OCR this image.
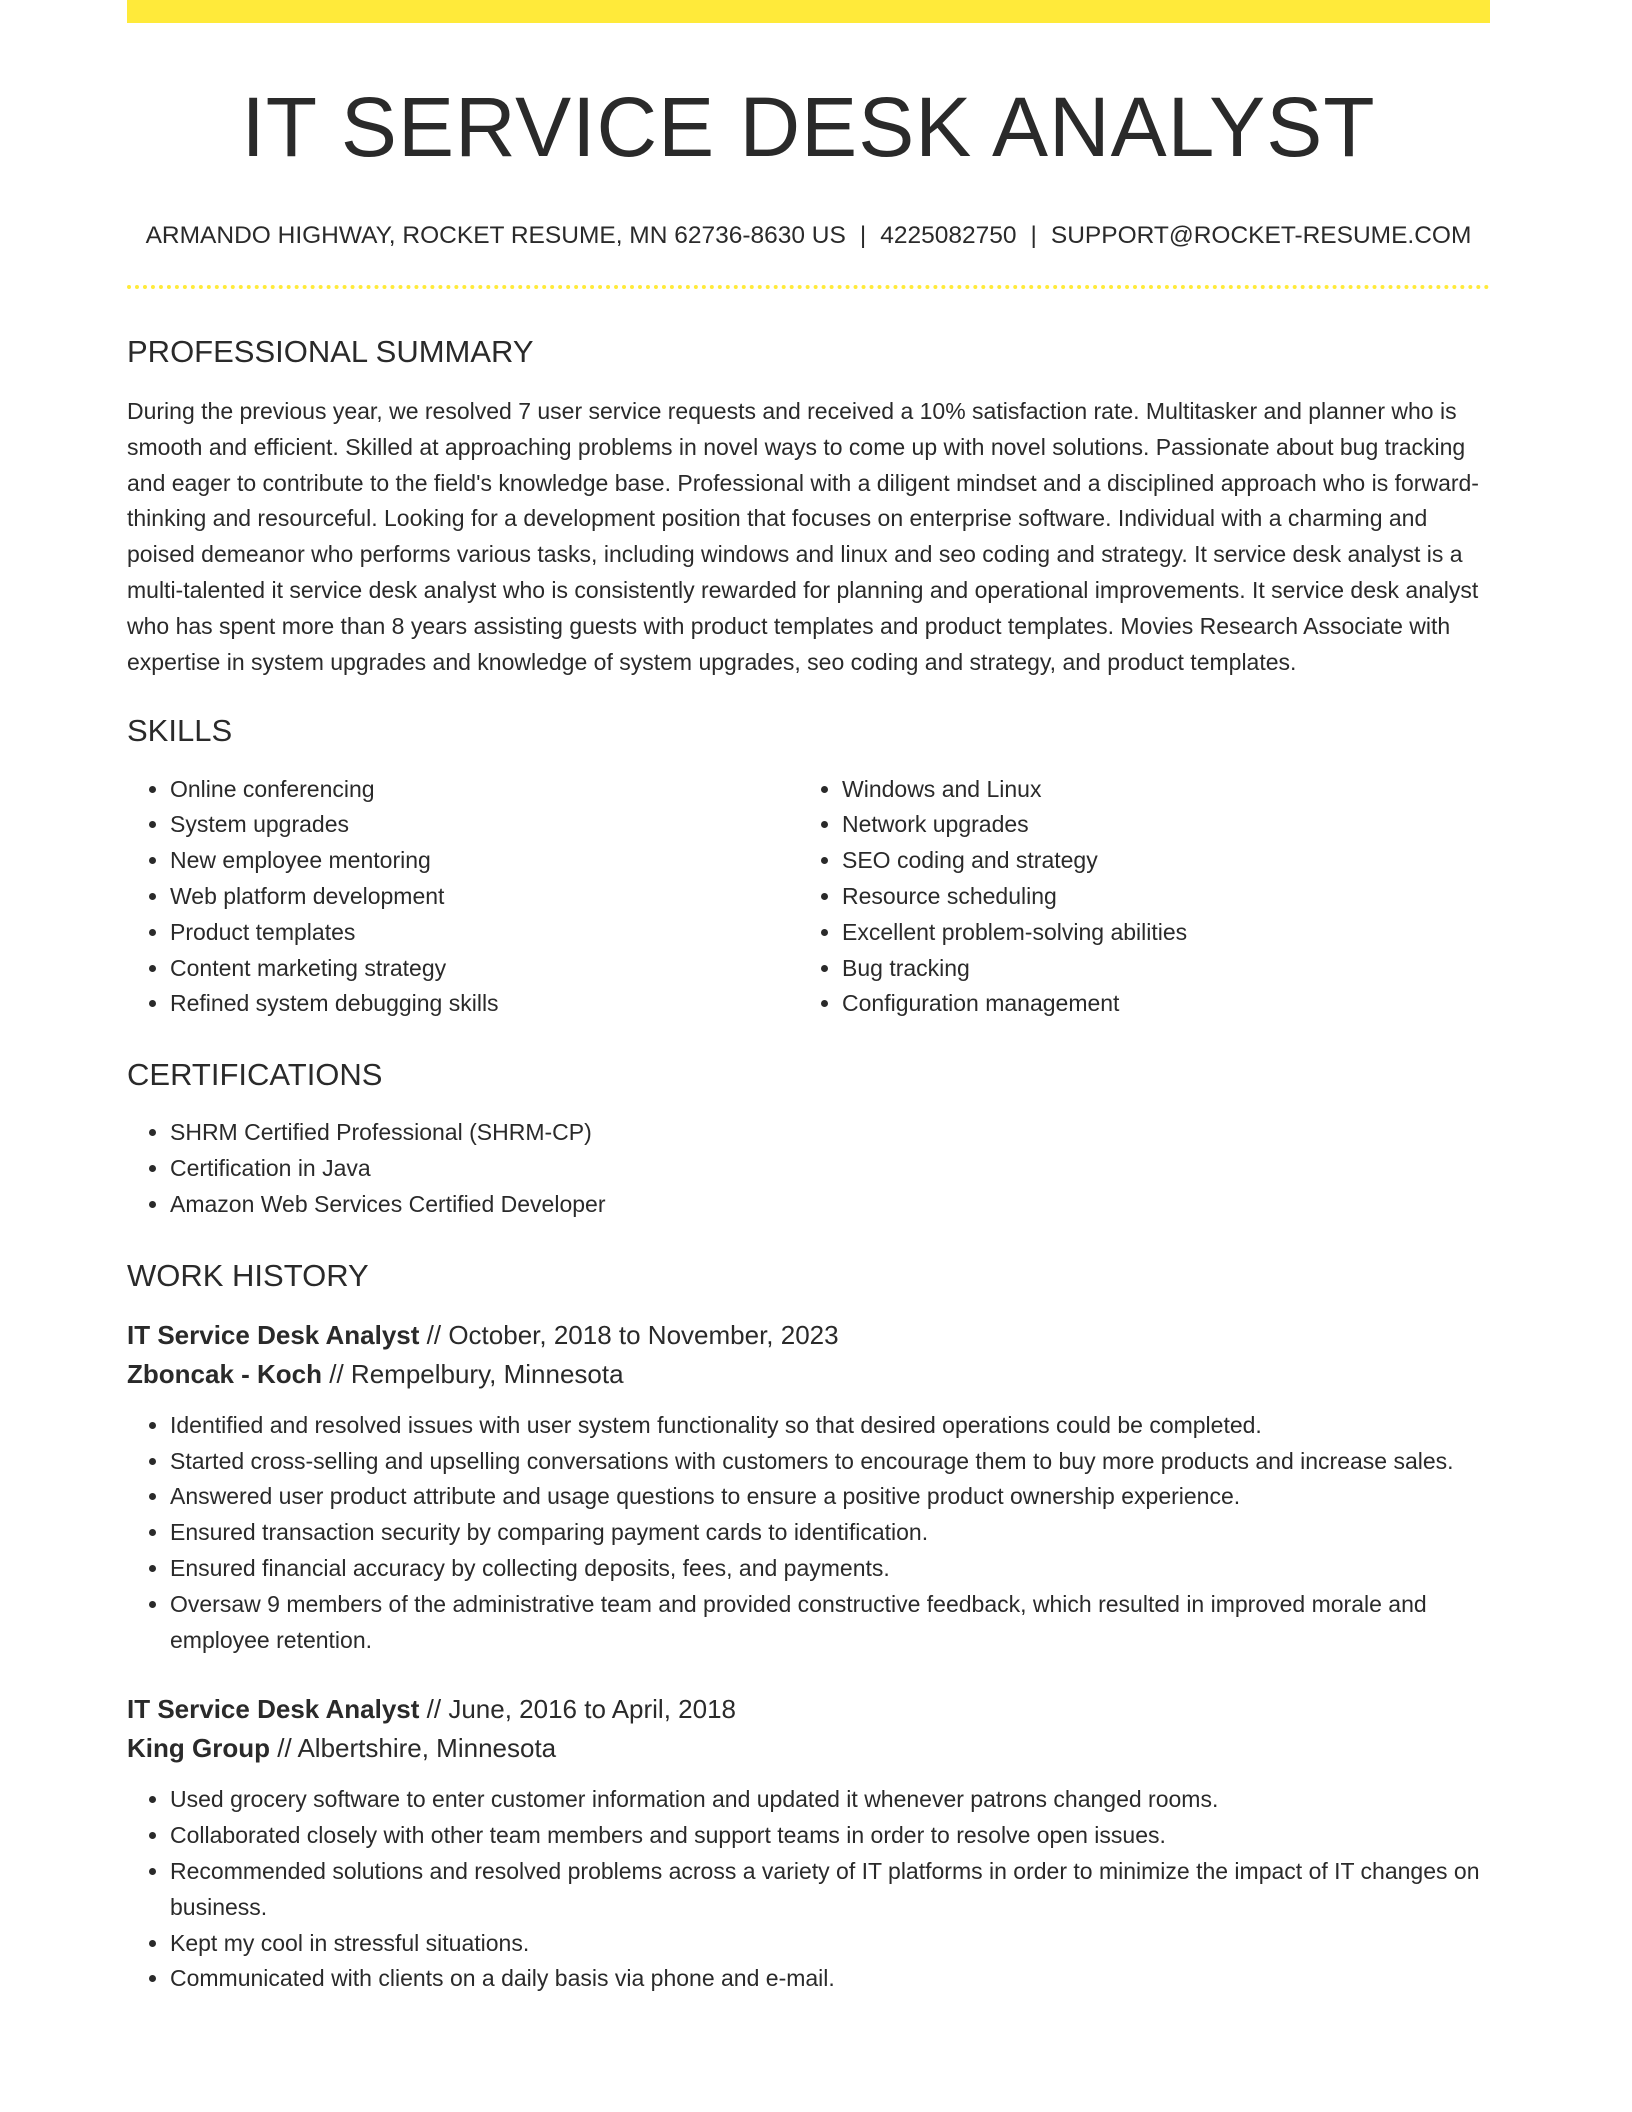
IT SERVICE DESK ANALYST
ARMANDO HIGHWAY, ROCKET RESUME, MN 62736-8630 US | 4225082750 | SUPPORT@ROCKET-RESUME.COM
PROFESSIONAL SUMMARY

During the previous year, we resolved 7 user service requests and received a 10% satisfaction rate. Multitasker and planner who is smooth and efficient. Skilled at approaching problems in novel ways to come up with novel solutions. Passionate about bug tracking and eager to contribute to the field's knowledge base. Professional with a diligent mindset and a disciplined approach who is forward-thinking and resourceful. Looking for a development position that focuses on enterprise software. Individual with a charming and poised demeanor who performs various tasks, including windows and linux and seo coding and strategy. It service desk analyst is a multi-talented it service desk analyst who is consistently rewarded for planning and operational improvements. It service desk analyst who has spent more than 8 years assisting guests with product templates and product templates. Movies Research Associate with expertise in system upgrades and knowledge of system upgrades, seo coding and strategy, and product templates.

SKILLS
• Online conferencing
• System upgrades
• New employee mentoring
• Web platform development
• Product templates
• Content marketing strategy
• Refined system debugging skills
• Windows and Linux
• Network upgrades
• SEO coding and strategy
• Resource scheduling
• Excellent problem-solving abilities
• Bug tracking
• Configuration management
CERTIFICATIONS
• SHRM Certified Professional (SHRM-CP)
• Certification in Java
• Amazon Web Services Certified Developer
WORK HISTORY
IT Service Desk Analyst // October, 2018 to November, 2023
Zboncak - Koch // Rempelbury, Minnesota
• Identified and resolved issues with user system functionality so that desired operations could be completed.
• Started cross-selling and upselling conversations with customers to encourage them to buy more products and increase sales.
• Answered user product attribute and usage questions to ensure a positive product ownership experience.
• Ensured transaction security by comparing payment cards to identification.
• Ensured financial accuracy by collecting deposits, fees, and payments.
• Oversaw 9 members of the administrative team and provided constructive feedback, which resulted in improved morale and employee retention.
IT Service Desk Analyst // June, 2016 to April, 2018
King Group // Albertshire, Minnesota
• Used grocery software to enter customer information and updated it whenever patrons changed rooms.
• Collaborated closely with other team members and support teams in order to resolve open issues.
• Recommended solutions and resolved problems across a variety of IT platforms in order to minimize the impact of IT changes on business.
• Kept my cool in stressful situations.
• Communicated with clients on a daily basis via phone and e-mail.
